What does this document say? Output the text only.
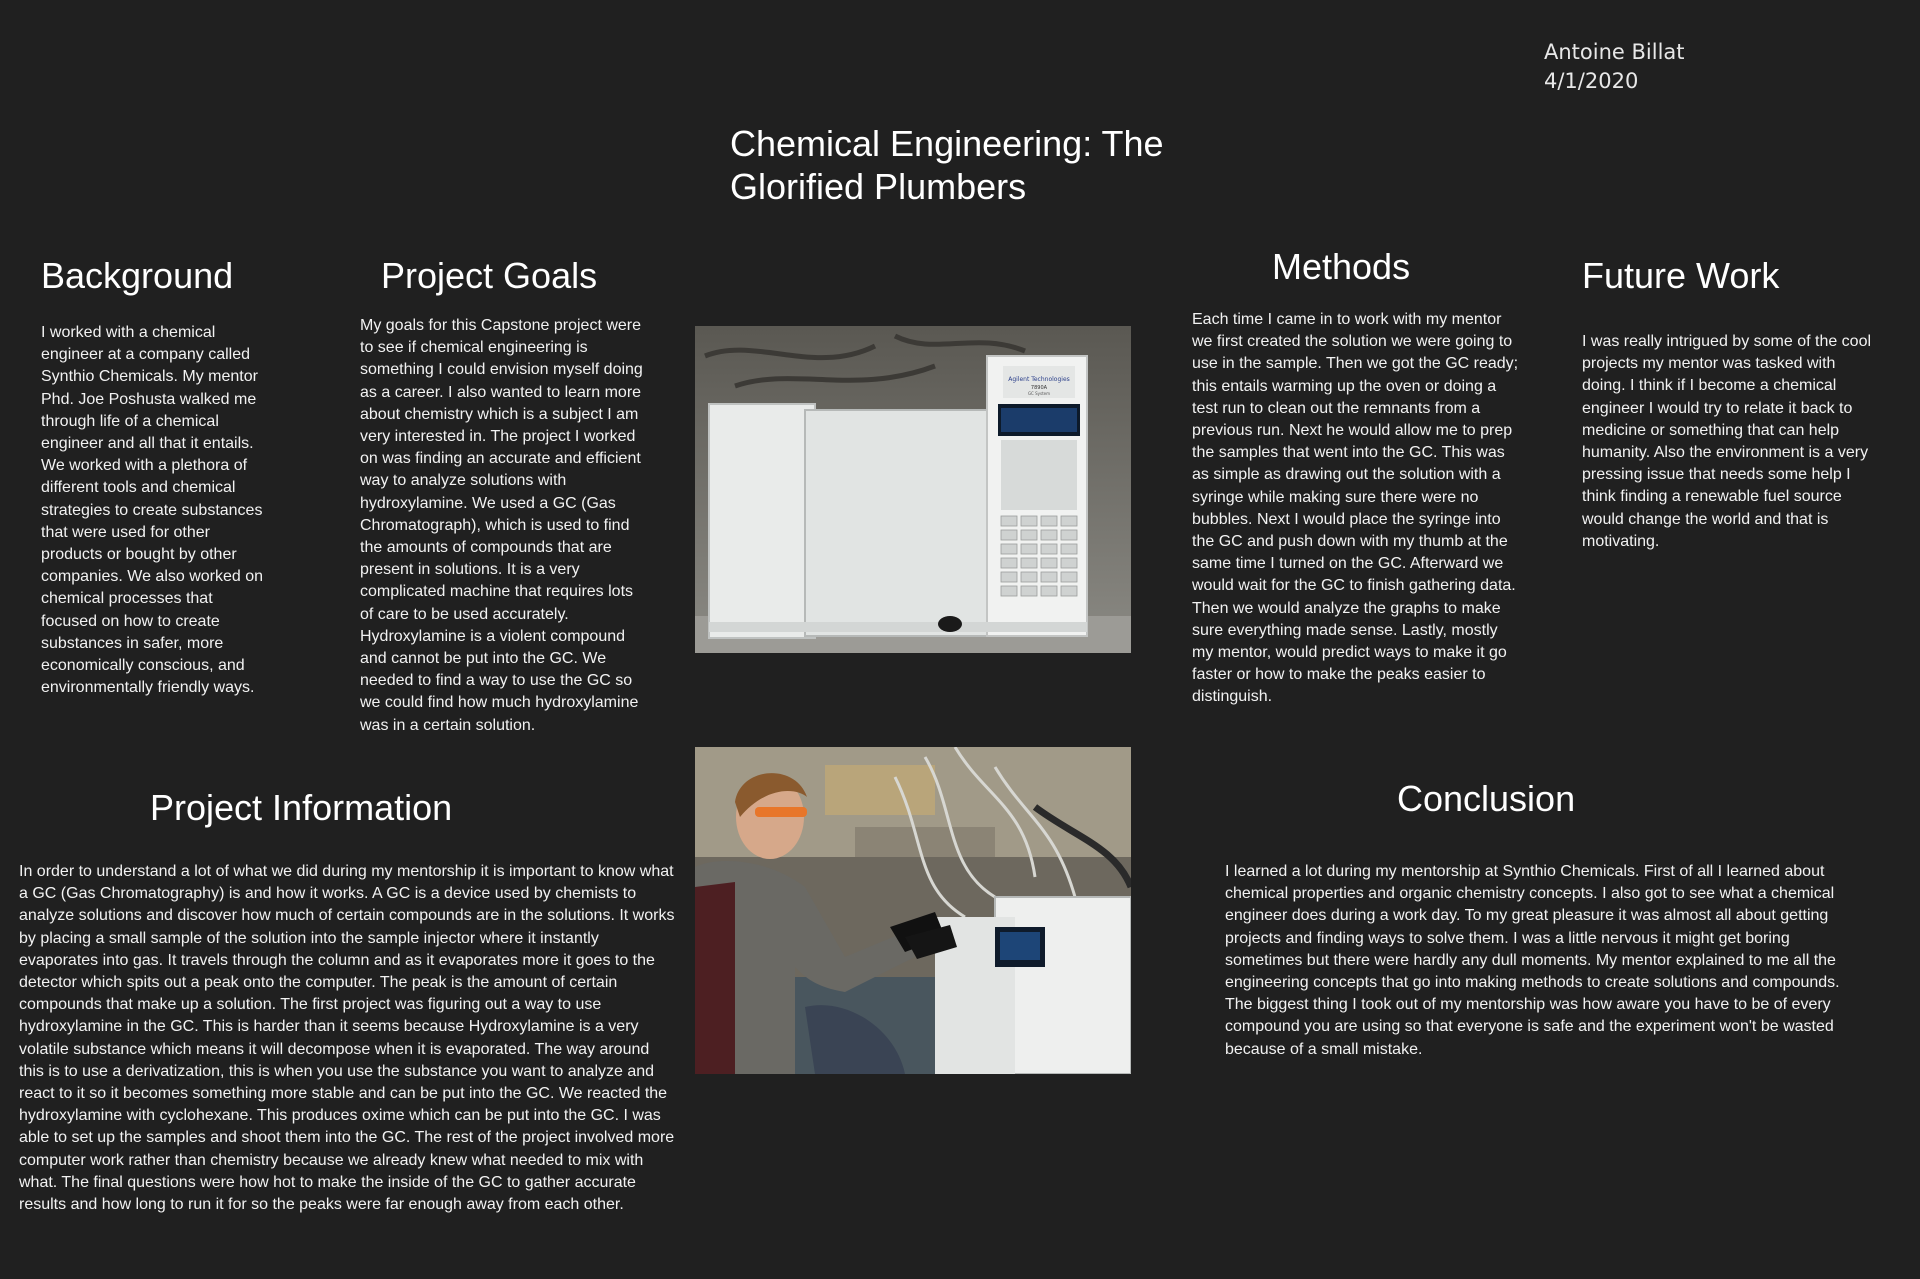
Antoine Billat
4/1/2020
Chemical Engineering: The Glorified Plumbers
Background
I worked with a chemical engineer at a company called Synthio Chemicals. My mentor Phd. Joe Poshusta walked me through life of a chemical engineer and all that it entails. We worked with a plethora of different tools and chemical strategies to create substances that were used for other products or bought by other companies. We also worked on chemical processes that focused on how to create substances in safer, more economically conscious, and environmentally friendly ways.
Project Goals
My goals for this Capstone project were to see if chemical engineering is something I could envision myself doing as a career. I also wanted to learn more about chemistry which is a subject I am very interested in. The project I worked on was finding an accurate and efficient way to analyze solutions with hydroxylamine. We used a GC (Gas Chromatograph), which is used to find the amounts of compounds that are present in solutions. It is a very complicated machine that requires lots of care to be used accurately. Hydroxylamine is a violent compound and cannot be put into the GC. We needed to find a way to use the GC so we could find how much hydroxylamine was in a certain solution.
Agilent Technologies
7890A
GC System
Methods
Each time I came in to work with my mentor we first created the solution we were going to use in the sample. Then we got the GC ready; this entails warming up the oven or doing a test run to clean out the remnants from a previous run. Next he would allow me to prep the samples that went into the GC. This was as simple as drawing out the solution with a syringe while making sure there were no bubbles. Next I would place the syringe into the GC and push down with my thumb at the same time I turned on the GC. Afterward we would wait for the GC to finish gathering data. Then we would analyze the graphs to make sure everything made sense. Lastly, mostly my mentor, would predict ways to make it go faster or how to make the peaks easier to distinguish.
Future Work
I was really intrigued by some of the cool projects my mentor was tasked with doing. I think if I become a chemical engineer I would try to relate it back to medicine or something that can help humanity. Also the environment is a very pressing issue that needs some help I think finding a renewable fuel source would change the world and that is motivating.
Project Information
In order to understand a lot of what we did during my mentorship it is important to know what a GC (Gas Chromatography) is and how it works. A GC is a device used by chemists to analyze solutions and discover how much of certain compounds are in the solutions. It works by placing a small sample of the solution into the sample injector where it instantly evaporates into gas. It travels through the column and as it evaporates more it goes to the detector which spits out a peak onto the computer. The peak is the amount of certain compounds that make up a solution. The first project was figuring out a way to use hydroxylamine in the GC. This is harder than it seems because Hydroxylamine is a very volatile substance which means it will decompose when it is evaporated. The way around this is to use a derivatization, this is when you use the substance you want to analyze and react to it so it becomes something more stable and can be put into the GC. We reacted the hydroxylamine with cyclohexane. This produces oxime which can be put into the GC. I was able to set up the samples and shoot them into the GC. The rest of the project involved more computer work rather than chemistry because we already knew what needed to mix with what. The final questions were how hot to make the inside of the GC to gather accurate results and how long to run it for so the peaks were far enough away from each other.
Conclusion
I learned a lot during my mentorship at Synthio Chemicals. First of all I learned about chemical properties and organic chemistry concepts. I also got to see what a chemical engineer does during a work day. To my great pleasure it was almost all about getting projects and finding ways to solve them. I was a little nervous it might get boring sometimes but there were hardly any dull moments. My mentor explained to me all the engineering concepts that go into making methods to create solutions and compounds. The biggest thing I took out of my mentorship was how aware you have to be of every compound you are using so that everyone is safe and the experiment won't be wasted because of a small mistake.
